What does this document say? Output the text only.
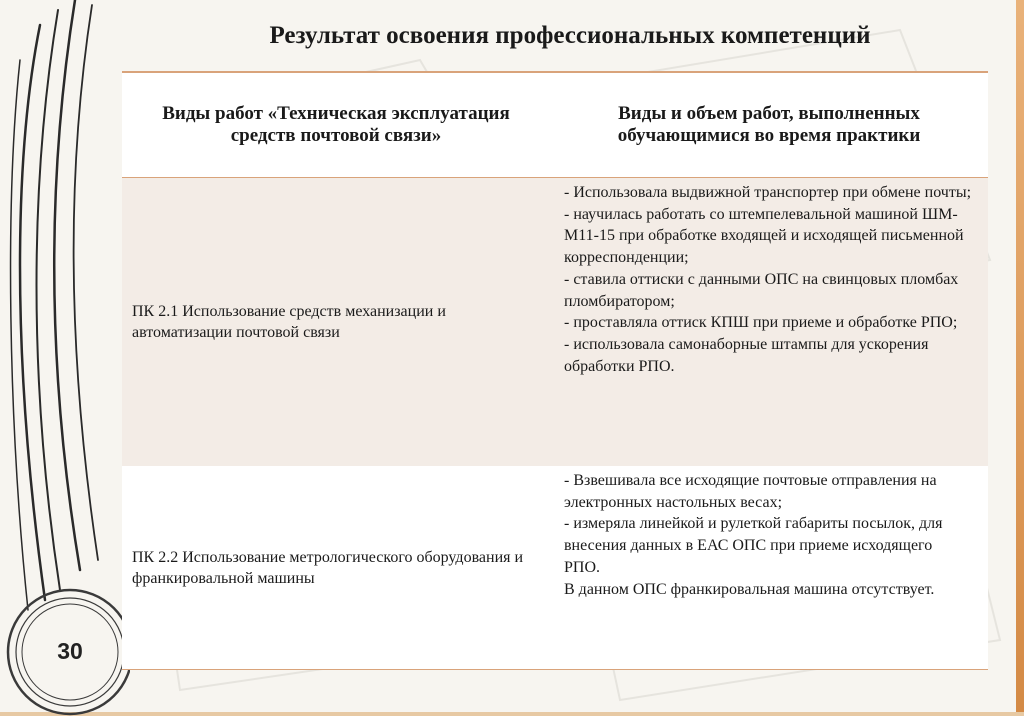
30
Результат освоения профессиональных компетенций
Виды работ «Техническая эксплуатация средств почтовой связи»	Виды и объем работ, выполненных обучающимися во время практики
ПК 2.1 Использование средств механизации и автоматизации почтовой связи	- Использовала выдвижной транспортер при обмене почты;
- научилась работать со штемпелевальной машиной ШМ-М11-15 при обработке входящей и исходящей письменной корреспонденции;
- ставила оттиски с данными ОПС на свинцовых пломбах пломбиратором;
- проставляла оттиск КПШ при приеме и обработке РПО;
- использовала самонаборные штампы для ускорения обработки РПО.

ПК 2.2 Использование метрологического оборудования и франкировальной машины	- Взвешивала все исходящие почтовые отправления на электронных настольных весах;
- измеряла линейкой и рулеткой габариты посылок, для внесения данных в ЕАС ОПС при приеме исходящего РПО.
В данном ОПС франкировальная машина отсутствует.
